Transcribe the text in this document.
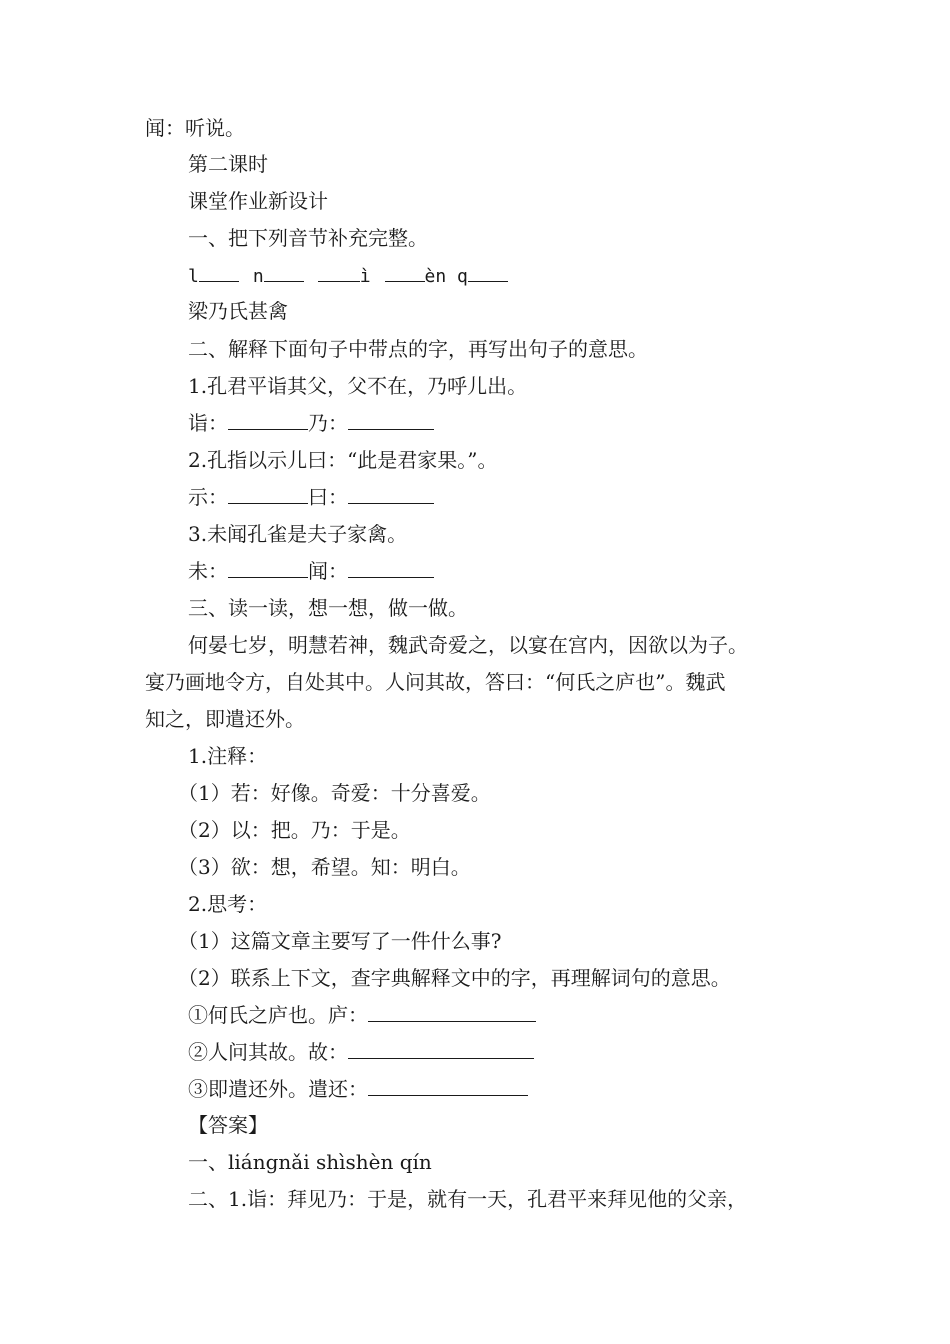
闻：听说。
第二课时
课堂作业新设计
一、把下列音节补充完整。
l	n	ì	èn q
梁乃氏甚禽
二、解释下面句子中带点的字，再写出句子的意思。
1.孔君平诣其父，父不在，乃呼儿出。
诣：	乃：
2.孔指以示儿曰：“此是君家果。”。
示：	曰：
3.未闻孔雀是夫子家禽。
未：	闻：
三、读一读，想一想，做一做。
何晏七岁，明慧若神，魏武奇爱之，以宴在宫内，因欲以为子。
宴乃画地令方，自处其中。人问其故，答曰：“何氏之庐也”。魏武
知之，即遣还外。
1.注释：
（1）若：好像。奇爱：十分喜爱。
（2）以：把。乃：于是。
（3）欲：想，希望。知：明白。
2.思考：
（1）这篇文章主要写了一件什么事?
（2）联系上下文，查字典解释文中的字，再理解词句的意思。
①何氏之庐也。庐：
②人问其故。故：
③即遣还外。遣还：
【答案】
一、liángnǎi shìshèn qín
二、1.诣：拜见乃：于是，就有一天，孔君平来拜见他的父亲，
